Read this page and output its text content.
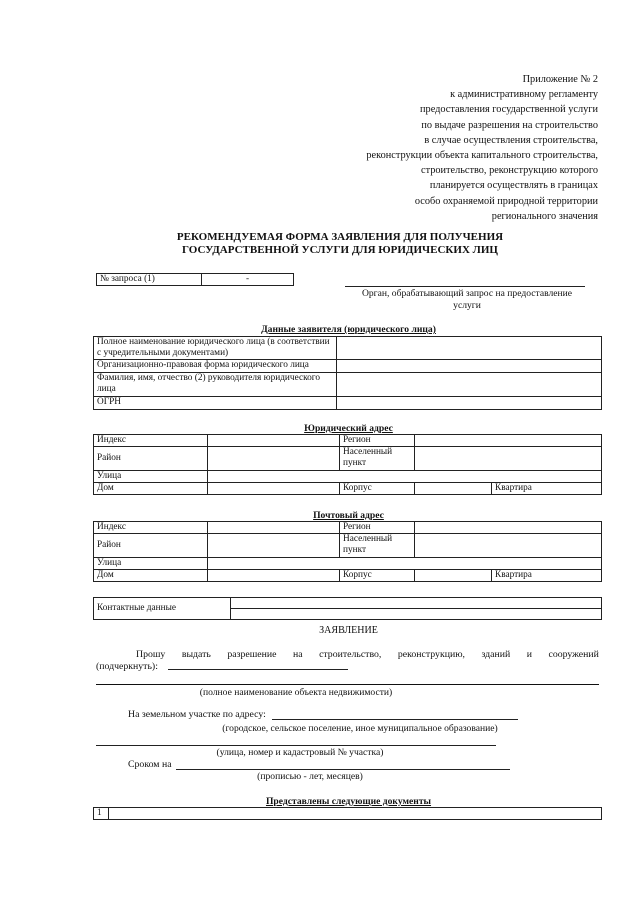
Приложение № 2
к административному регламенту
предоставления государственной услуги
по выдаче разрешения на строительство
в случае осуществления строительства,
реконструкции объекта капитального строительства,
строительство, реконструкцию которого
планируется осуществлять в границах
особо охраняемой природной территории
регионального значения
РЕКОМЕНДУЕМАЯ ФОРМА ЗАЯВЛЕНИЯ ДЛЯ ПОЛУЧЕНИЯ
ГОСУДАРСТВЕННОЙ УСЛУГИ ДЛЯ ЮРИДИЧЕСКИХ ЛИЦ
№ запроса (1)	-
Орган, обрабатывающий запрос на предоставление услуги
Данные заявителя (юридического лица)
Полное наименование юридического лица (в соответствии с учредительными документами)	
Организационно-правовая форма юридического лица	
Фамилия, имя, отчество (2) руководителя юридического лица	
ОГРН	
Юридический адрес
Индекс		Регион		
Район		Населенный пункт		
Улица				
Дом		Корпус		Квартира
Почтовый адрес
Индекс		Регион		
Район		Населенный пункт		
Улица				
Дом		Корпус		Квартира
Контактные данные	
ЗАЯВЛЕНИЕ
Прошу выдать разрешение на строительство, реконструкцию, зданий и сооружений
(подчеркнуть):
(полное наименование объекта недвижимости)
На земельном участке по адресу:
(городское, сельское поселение, иное муниципальное образование)
(улица, номер и кадастровый № участка)
Сроком на
(прописью - лет, месяцев)
Представлены следующие документы
1	
